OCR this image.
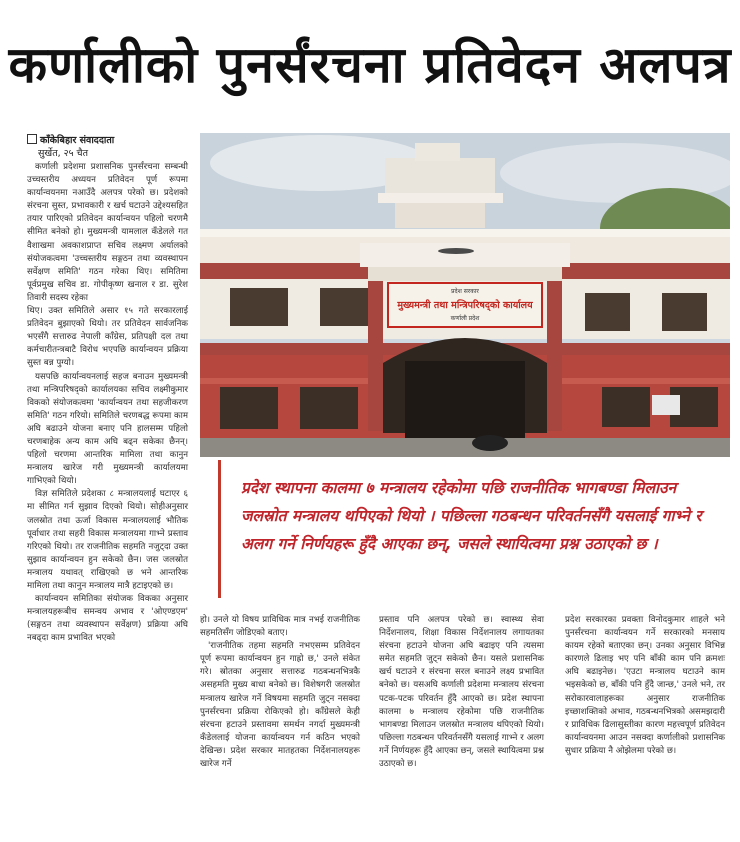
कर्णालीको पुनर्संरचना प्रतिवेदन अलपत्र
काँकेबिहार संवाददाता
सुर्खेत, २५ चैत

कर्णाली प्रदेशमा प्रशासनिक पुनर्संरचना सम्बन्धी उच्चस्तरीय अध्ययन प्रतिवेदन पूर्ण रूपमा कार्यान्वयनमा नआउँदै अलपत्र परेको छ। प्रदेशको संरचना सुस्त, प्रभावकारी र खर्च घटाउने उद्देश्यसहित तयार पारिएको प्रतिवेदन कार्यान्वयन पहिलो चरणमै सीमित बनेको हो। मुख्यमन्त्री यामलाल कँडेलले गत वैशाखमा अवकाशप्राप्त सचिव लक्ष्मण अर्यालको संयोजकत्वमा 'उच्चस्तरीय सङ्गठन तथा व्यवस्थापन सर्वेक्षण समिति' गठन गरेका थिए। समितिमा पूर्वप्रमुख सचिव डा. गोपीकृष्ण खनाल र डा. सुरेश तिवारी सदस्य रहेका

थिए। उक्त समितिले असार १५ गते सरकारलाई प्रतिवेदन बुझाएको थियो। तर प्रतिवेदन सार्वजनिक भएसँगै सत्तारुढ नेपाली काँग्रेस, प्रतिपक्षी दल तथा कर्मचारीतन्त्रबाटै विरोध भएपछि कार्यान्वयन प्रक्रिया सुस्त बन्न पुग्यो।

यसपछि कार्यान्वयनलाई सहज बनाउन मुख्यमन्त्री तथा मन्त्रिपरिषद्को कार्यालयका सचिव लक्ष्मीकुमार विकको संयोजकत्वमा 'कार्यान्वयन तथा सहजीकरण समिति' गठन गरियो। समितिले चरणबद्ध रूपमा काम अघि बढाउने योजना बनाए पनि हालसम्म पहिलो चरणबाहेक अन्य काम अघि बढ्न सकेका छैनन्। पहिलो चरणमा आन्तरिक मामिला तथा कानुन मन्त्रालय खारेज गरी मुख्यमन्त्री कार्यालयमा गाभिएको थियो।

विज्ञ समितिले प्रदेशका ८ मन्त्रालयलाई घटाएर ६ मा सीमित गर्न सुझाव दिएको थियो। सोहीअनुसार जलस्रोत तथा ऊर्जा विकास मन्त्रालयलाई भौतिक पूर्वाधार तथा सहरी विकास मन्त्रालयमा गाभ्ने प्रस्ताव गरिएको थियो। तर राजनीतिक सहमति नजुट्दा उक्त सुझाव कार्यान्वयन हुन सकेको छैन। जस जलस्रोत मन्त्रालय यथावत् राखिएको छ भने आन्तरिक मामिला तथा कानुन मन्त्रालय मात्रै हटाइएको छ।

कार्यान्वयन समितिका संयोजक विकका अनुसार मन्त्रालयहरूबीच समन्वय अभाव र 'ओएण्डएम' (सङ्गठन तथा व्यवस्थापन सर्वेक्षण) प्रक्रिया अघि नबढ्दा काम प्रभावित भएको

प्रदेश सरकार
मुख्यमन्त्री तथा मन्त्रिपरिषद्को कार्यालय
कर्णाली प्रदेश
प्रदेश स्थापना कालमा ७ मन्त्रालय रहेकोमा पछि राजनीतिक भागबण्डा मिलाउन जलस्रोत मन्त्रालय थपिएको थियो । पछिल्ला गठबन्धन परिवर्तनसँगै यसलाई गाभ्ने र अलग गर्ने निर्णयहरू हुँदै आएका छन्, जसले स्थायित्वमा प्रश्न उठाएको छ ।

हो। उनले यो विषय प्राविधिक मात्र नभई राजनीतिक सहमतिसँग जोडिएको बताए।

'राजनीतिक तहमा सहमति नभएसम्म प्रतिवेदन पूर्ण रूपमा कार्यान्वयन हुन गाह्रो छ,' उनले संकेत गरे। स्रोतका अनुसार सत्तारुढ गठबन्धनभित्रकै असहमति मुख्य बाधा बनेको छ। विशेषगरी जलस्रोत मन्त्रालय खारेज गर्ने विषयमा सहमति जुट्न नसक्दा पुनर्संरचना प्रक्रिया रोकिएको हो। काँग्रेसले केही संरचना हटाउने प्रस्तावमा समर्थन नगर्दा मुख्यमन्त्री कँडेललाई योजना कार्यान्वयन गर्न कठिन भएको देखिन्छ। प्रदेश सरकार मातहतका निर्देशनालयहरू खारेज गर्ने

प्रस्ताव पनि अलपत्र परेको छ। स्वास्थ्य सेवा निर्देशनालय, शिक्षा विकास निर्देशनालय लगायतका संरचना हटाउने योजना अघि बढाइए पनि त्यसमा समेत सहमति जुट्न सकेको छैन। यसले प्रशासनिक खर्च घटाउने र संरचना सरल बनाउने लक्ष्य प्रभावित बनेको छ। यसअघि कर्णाली प्रदेशमा मन्त्रालय संरचना पटक-पटक परिवर्तन हुँदै आएको छ। प्रदेश स्थापना कालमा ७ मन्त्रालय रहेकोमा पछि राजनीतिक भागबण्डा मिलाउन जलस्रोत मन्त्रालय थपिएको थियो। पछिल्ला गठबन्धन परिवर्तनसँगै यसलाई गाभ्ने र अलग गर्ने निर्णयहरू हुँदै आएका छन्, जसले स्थायित्वमा प्रश्न उठाएको छ।

प्रदेश सरकारका प्रवक्ता विनोदकुमार शाहले भने पुनर्संरचना कार्यान्वयन गर्ने सरकारको मनसाय कायम रहेको बताएका छन्। उनका अनुसार विभिन्न कारणले ढिलाइ भए पनि बाँकी काम पनि क्रमशः अघि बढाइनेछ। 'एउटा मन्त्रालय घटाउने काम भइसकेको छ, बाँकी पनि हुँदै जान्छ,' उनले भने, तर सरोकारवालाहरूका अनुसार राजनीतिक इच्छाशक्तिको अभाव, गठबन्धनभित्रको असमझदारी र प्राविधिक ढिलासुस्तीका कारण महत्त्वपूर्ण प्रतिवेदन कार्यान्वयनमा आउन नसक्दा कर्णालीको प्रशासनिक सुधार प्रक्रिया नै ओझेलमा परेको छ।
